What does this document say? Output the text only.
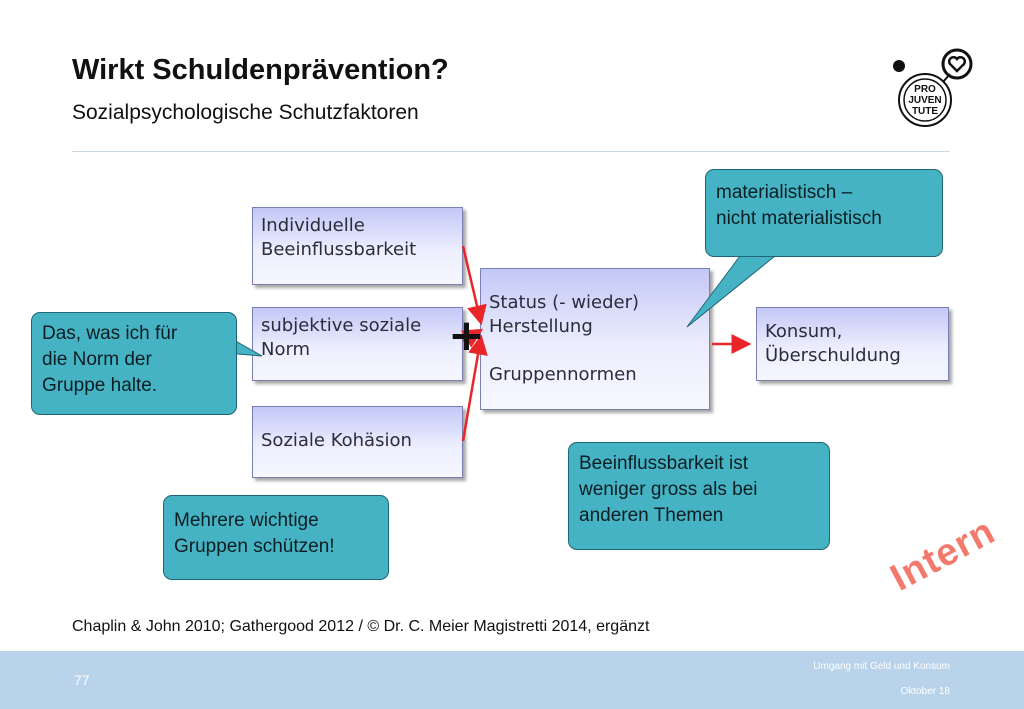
Wirkt Schuldenprävention?
Sozialpsychologische Schutzfaktoren
PRO
JUVEN
TUTE
Individuelle
Beeinflussbarkeit
subjektive soziale
Norm
Soziale Kohäsion
Status (- wieder)
Herstellung

Gruppennormen
Konsum,
Überschuldung
+
Das, was ich für
die Norm der
Gruppe halte.
materialistisch –
nicht materialistisch
Mehrere wichtige
Gruppen schützen!
Beeinflussbarkeit ist
weniger gross als bei
anderen Themen
Chaplin & John 2010; Gathergood 2012 / © Dr. C. Meier Magistretti 2014, ergänzt
Intern
77
Umgang mit Geld und Konsum
Oktober 18
